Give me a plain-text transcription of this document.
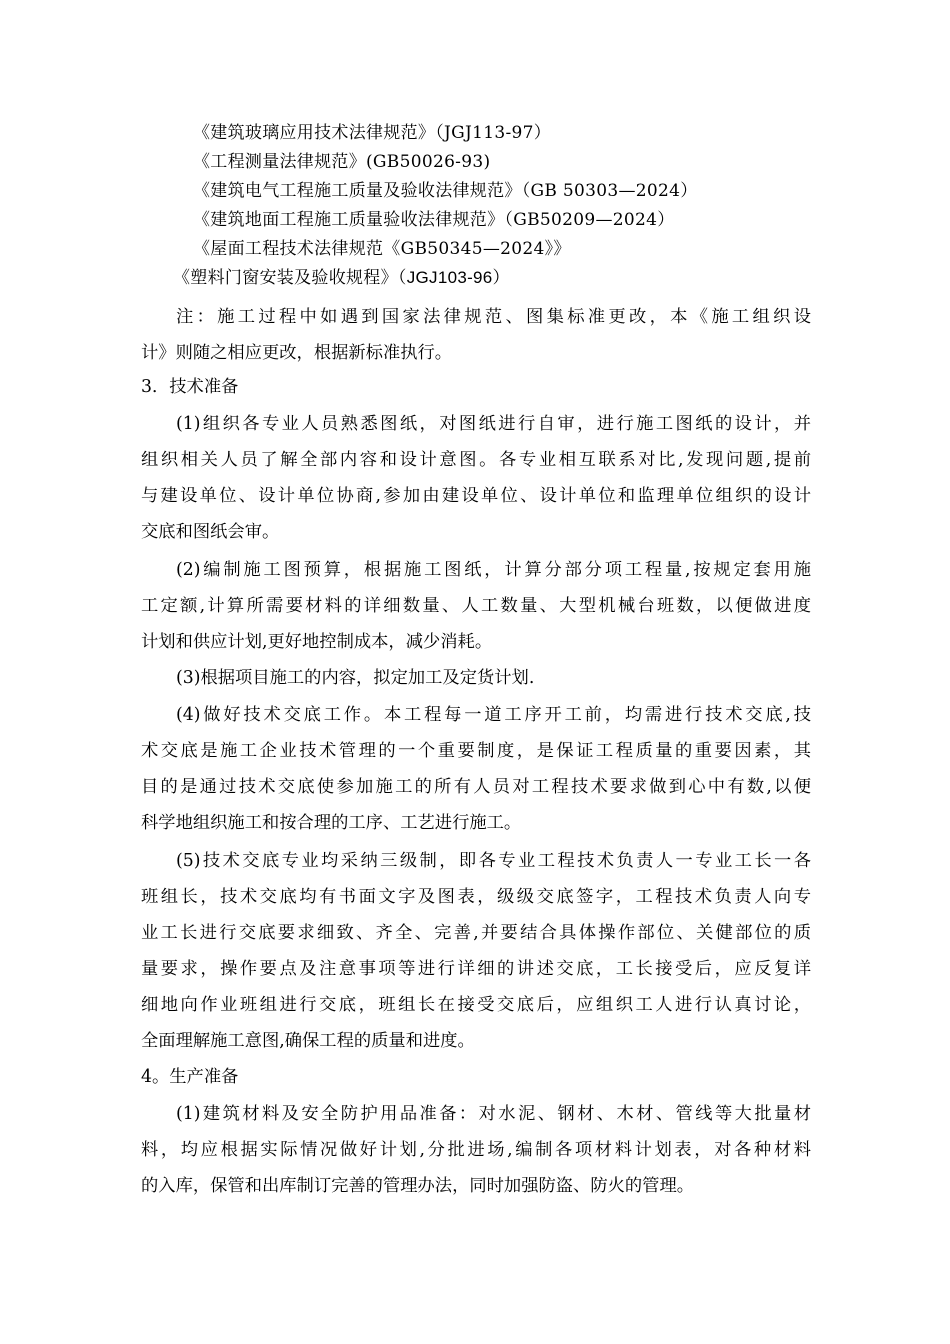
《建筑玻璃应用技术法律规范》（JGJ113-97）
《工程测量法律规范》(GB50026-93)
《建筑电气工程施工质量及验收法律规范》（GB 50303—2024）
《建筑地面工程施工质量验收法律规范》（GB50209—2024）
《屋面工程技术法律规范《GB50345—2024》》
《塑料门窗安装及验收规程》（JGJ103-96）
注：施工过程中如遇到国家法律规范、图集标准更改，本《施工组织设
计》则随之相应更改，根据新标准执行。
3．技术准备
(1)组织各专业人员熟悉图纸，对图纸进行自审，进行施工图纸的设计，并
组织相关人员了解全部内容和设计意图。各专业相互联系对比,发现问题,提前
与建设单位、设计单位协商,参加由建设单位、设计单位和监理单位组织的设计
交底和图纸会审。
(2)编制施工图预算，根据施工图纸，计算分部分项工程量,按规定套用施
工定额,计算所需要材料的详细数量、人工数量、大型机械台班数，以便做进度
计划和供应计划,更好地控制成本，减少消耗。
(3)根据项目施工的内容，拟定加工及定货计划.
(4)做好技术交底工作。本工程每一道工序开工前，均需进行技术交底,技
术交底是施工企业技术管理的一个重要制度，是保证工程质量的重要因素，其
目的是通过技术交底使参加施工的所有人员对工程技术要求做到心中有数,以便
科学地组织施工和按合理的工序、工艺进行施工。
(5)技术交底专业均采纳三级制，即各专业工程技术负责人一专业工长一各
班组长，技术交底均有书面文字及图表，级级交底签字，工程技术负责人向专
业工长进行交底要求细致、齐全、完善,并要结合具体操作部位、关健部位的质
量要求，操作要点及注意事项等进行详细的讲述交底，工长接受后，应反复详
细地向作业班组进行交底，班组长在接受交底后，应组织工人进行认真讨论，
全面理解施工意图,确保工程的质量和进度。
4。生产准备
(1)建筑材料及安全防护用品准备：对水泥、钢材、木材、管线等大批量材
料，均应根据实际情况做好计划,分批进场,编制各项材料计划表，对各种材料
的入库，保管和出库制订完善的管理办法，同时加强防盗、防火的管理。
